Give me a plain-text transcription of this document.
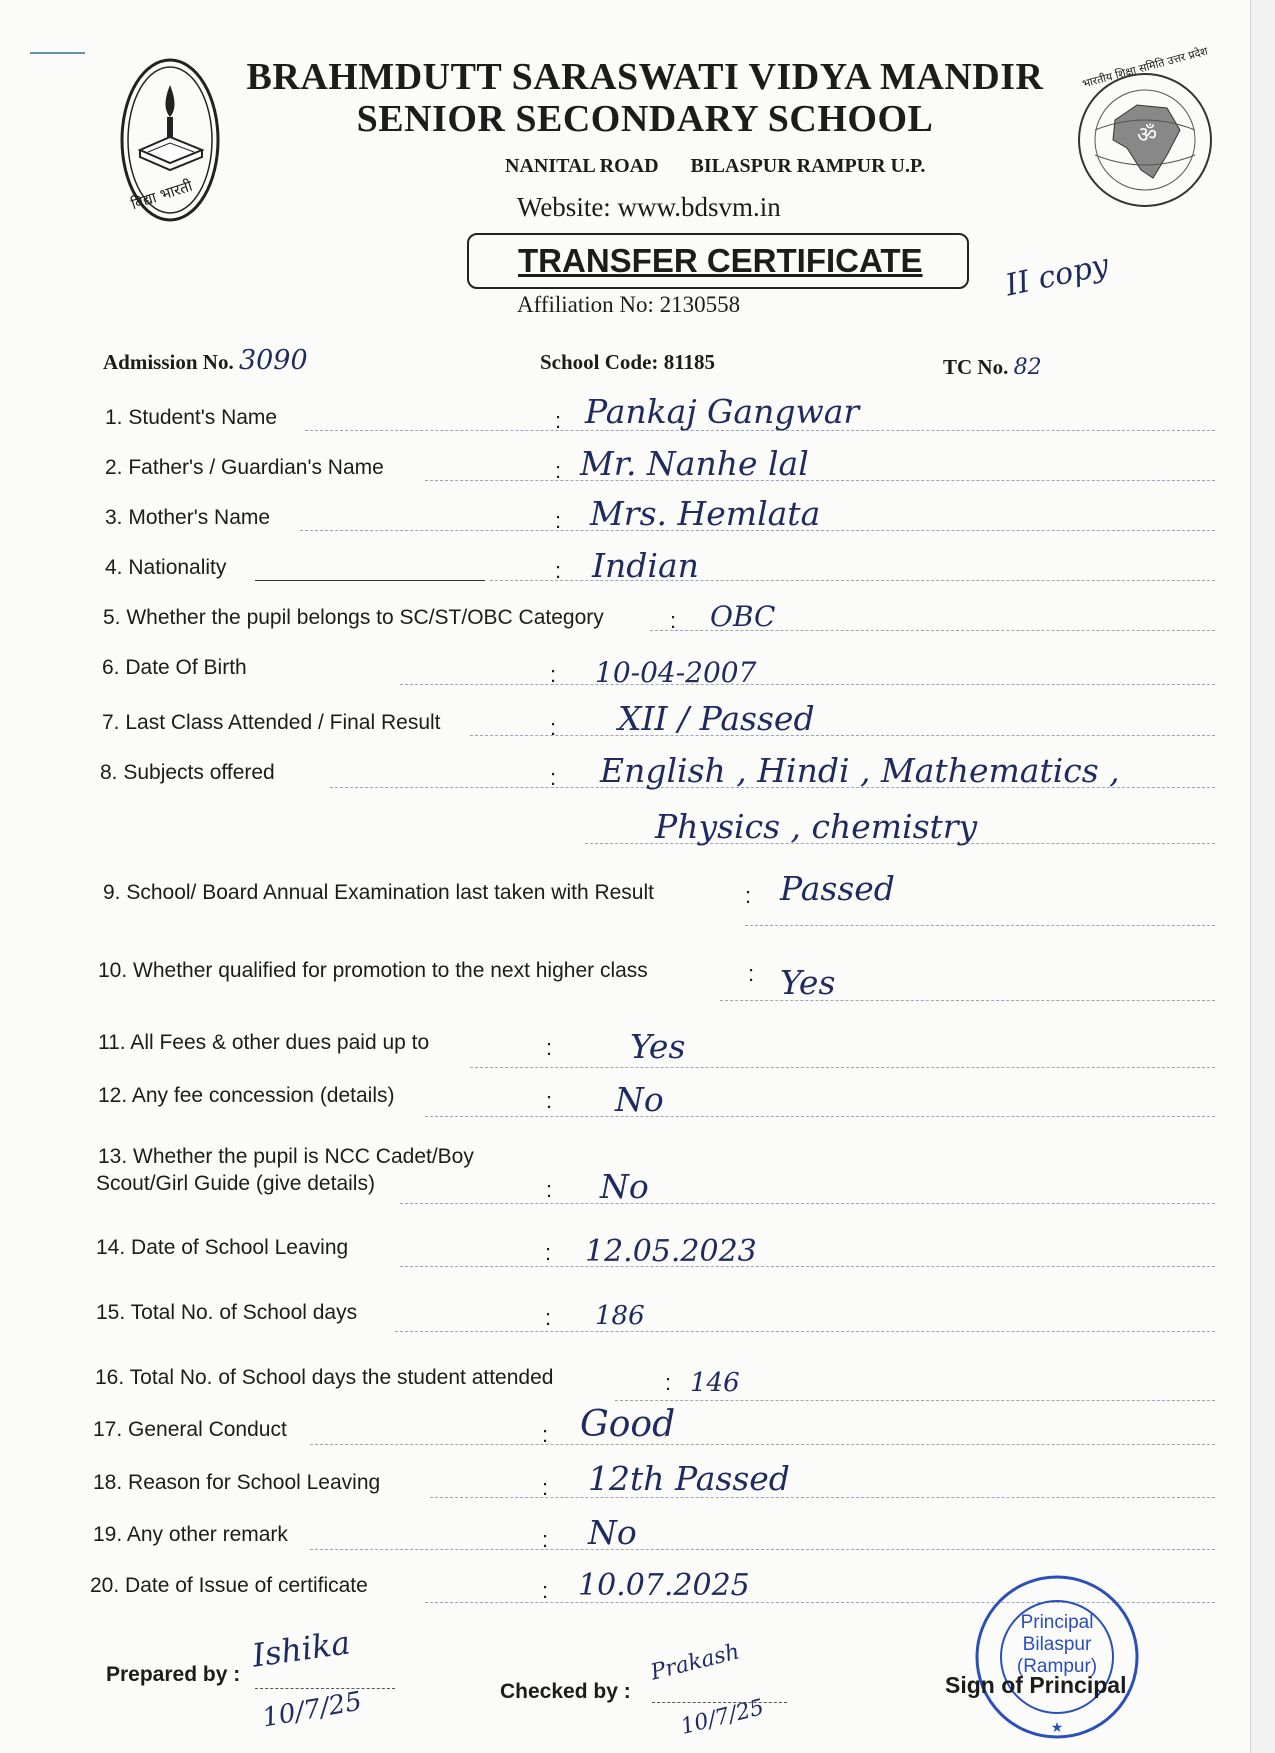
विद्या भारती
ॐ
भारतीय शिक्षा समिति उत्तर प्रदेश
BRAHMDUTT SARASWATI VIDYA MANDIR
SENIOR SECONDARY SCHOOL
NANITAL ROAD BILASPUR RAMPUR U.P.
Website: www.bdsvm.in
TRANSFER CERTIFICATE
Affiliation No: 2130558
II copy
Admission No. 3090	School Code: 81185	TC No. 82
1. Student's Name	: Pankaj Gangwar
2. Father's / Guardian's Name	: Mr. Nanhe lal
3. Mother's Name	: Mrs. Hemlata
4. Nationality	: Indian
5. Whether the pupil belongs to SC/ST/OBC Category	: OBC
6. Date Of Birth	: 10-04-2007
7. Last Class Attended / Final Result	: XII / Passed
8. Subjects offered	: English , Hindi , Mathematics ,
Physics , chemistry
9. School/ Board Annual Examination last taken with Result	: Passed
10. Whether qualified for promotion to the next higher class	: Yes
11. All Fees & other dues paid up to	: Yes
12. Any fee concession (details)	: No
13. Whether the pupil is NCC Cadet/Boy
Scout/Girl Guide (give details)	: No
14. Date of School Leaving	: 12.05.2023
15. Total No. of School days	: 186
16. Total No. of School days the student attended	: 146
17. General Conduct	: Good
18. Reason for School Leaving	: 12th Passed
19. Any other remark	: No
20. Date of Issue of certificate	: 10.07.2025
Prepared by : Ishika
10/7/25	Checked by :
Prakash
10/7/25	★
Principal
Bilaspur
(Rampur)
Sign of Principal
